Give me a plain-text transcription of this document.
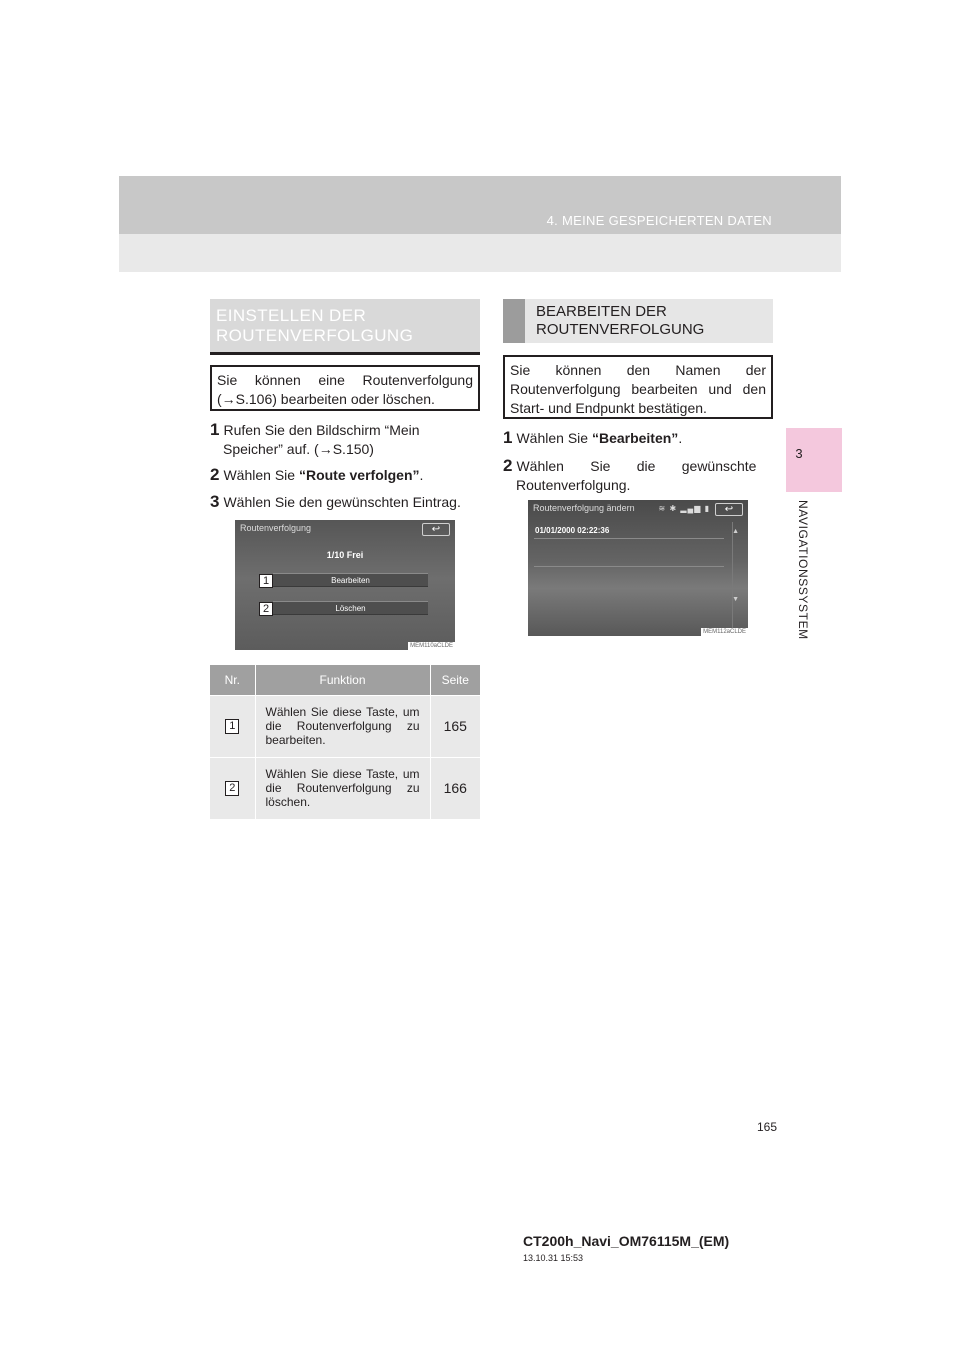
4. MEINE GESPEICHERTEN DATEN
3
NAVIGATIONSSYSTEM
EINSTELLEN DER
ROUTENVERFOLGUNG
Sie können eine Routenverfolgung (→S.106) bearbeiten oder löschen.
1 Rufen Sie den Bildschirm “Mein
Speicher” auf. (→S.150)
2 Wählen Sie “Route verfolgen”.
3 Wählen Sie den gewünschten Eintrag.
Routenverfolgung	↩
1/10 Frei
1	Bearbeiten
2	Löschen
MEM110aCLDE
Nr.	Funktion	Seite
1	Wählen Sie diese Taste, um die Routenverfolgung zu bearbeiten.	165
2	Wählen Sie diese Taste, um die Routenverfolgung zu löschen.	166
BEARBEITEN DER
ROUTENVERFOLGUNG
Sie können den Namen der Routenverfolgung bearbeiten und den Start- und Endpunkt bestätigen.
1 Wählen Sie “Bearbeiten”.
2 Wählen Sie die gewünschte
Routenverfolgung.
Routenverfolgung ändern	≋ ✱ ▂▄▆ ▮	↩
01/01/2000 02:22:36	▲
▼
MEM112aCLDE
165
CT200h_Navi_OM76115M_(EM)
13.10.31 15:53
